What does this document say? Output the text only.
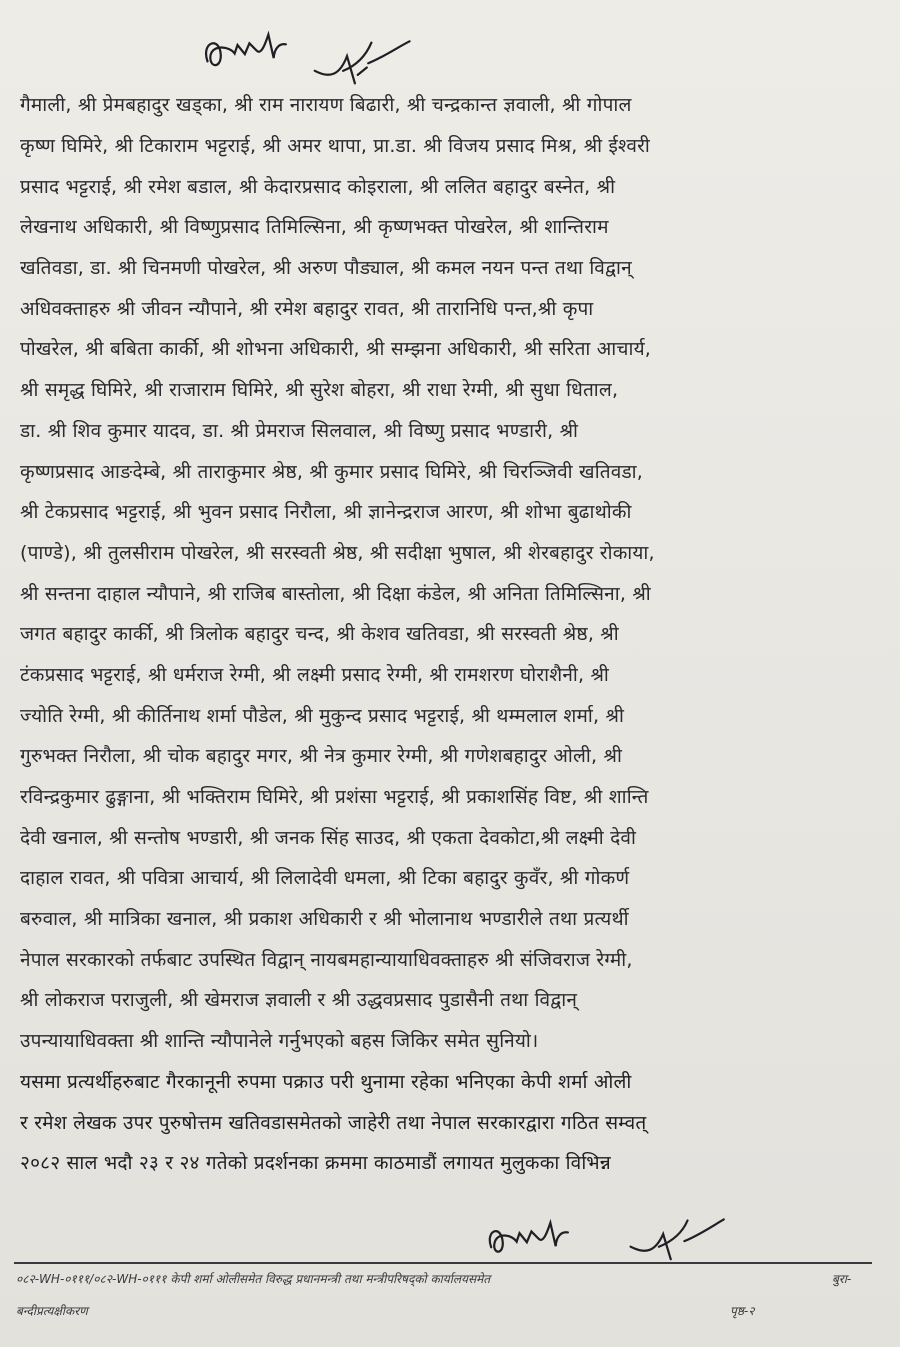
गैमाली, श्री प्रेमबहादुर खड्का, श्री राम नारायण बिढारी, श्री चन्द्रकान्त ज्ञवाली, श्री गोपाल
कृष्ण घिमिरे, श्री टिकाराम भट्टराई, श्री अमर थापा, प्रा.डा. श्री विजय प्रसाद मिश्र, श्री ईश्वरी
प्रसाद भट्टराई, श्री रमेश बडाल, श्री केदारप्रसाद कोइराला, श्री ललित बहादुर बस्नेत, श्री
लेखनाथ अधिकारी, श्री विष्णुप्रसाद तिमिल्सिना, श्री कृष्णभक्त पोखरेल, श्री शान्तिराम
खतिवडा, डा. श्री चिनमणी पोखरेल, श्री अरुण पौड्याल, श्री कमल नयन पन्त तथा विद्वान्
अधिवक्ताहरु श्री जीवन न्यौपाने, श्री रमेश बहादुर रावत, श्री तारानिधि पन्त,श्री कृपा
पोखरेल, श्री बबिता कार्की, श्री शोभना अधिकारी, श्री सम्झना अधिकारी, श्री सरिता आचार्य,
श्री समृद्ध घिमिरे, श्री राजाराम घिमिरे, श्री सुरेश बोहरा, श्री राधा रेग्मी, श्री सुधा धिताल,
डा. श्री शिव कुमार यादव, डा. श्री प्रेमराज सिलवाल, श्री विष्णु प्रसाद भण्डारी, श्री
कृष्णप्रसाद आङदेम्बे, श्री ताराकुमार श्रेष्ठ, श्री कुमार प्रसाद घिमिरे, श्री चिरञ्जिवी खतिवडा,
श्री टेकप्रसाद भट्टराई, श्री भुवन प्रसाद निरौला, श्री ज्ञानेन्द्रराज आरण, श्री शोभा बुढाथोकी
(पाण्डे), श्री तुलसीराम पोखरेल, श्री सरस्वती श्रेष्ठ, श्री सदीक्षा भुषाल, श्री शेरबहादुर रोकाया,
श्री सन्तना दाहाल न्यौपाने, श्री राजिब बास्तोला, श्री दिक्षा कंडेल, श्री अनिता तिमिल्सिना, श्री
जगत बहादुर कार्की, श्री त्रिलोक बहादुर चन्द, श्री केशव खतिवडा, श्री सरस्वती श्रेष्ठ, श्री
टंकप्रसाद भट्टराई, श्री धर्मराज रेग्मी, श्री लक्ष्मी प्रसाद रेग्मी, श्री रामशरण घोराशैनी, श्री
ज्योति रेग्मी, श्री कीर्तिनाथ शर्मा पौडेल, श्री मुकुन्द प्रसाद भट्टराई, श्री थम्मलाल शर्मा, श्री
गुरुभक्त निरौला, श्री चोक बहादुर मगर, श्री नेत्र कुमार रेग्मी, श्री गणेशबहादुर ओली, श्री
रविन्द्रकुमार ढुङ्गाना, श्री भक्तिराम घिमिरे, श्री प्रशंसा भट्टराई, श्री प्रकाशसिंह विष्ट, श्री शान्ति
देवी खनाल, श्री सन्तोष भण्डारी, श्री जनक सिंह साउद, श्री एकता देवकोटा,श्री लक्ष्मी देवी
दाहाल रावत, श्री पवित्रा आचार्य, श्री लिलादेवी धमला, श्री टिका बहादुर कुवँर, श्री गोकर्ण
बरुवाल, श्री मात्रिका खनाल, श्री प्रकाश अधिकारी र श्री भोलानाथ भण्डारीले तथा प्रत्यर्थी
नेपाल सरकारको तर्फबाट उपस्थित विद्वान् नायबमहान्यायाधिवक्ताहरु श्री संजिवराज रेग्मी,
श्री लोकराज पराजुली, श्री खेमराज ज्ञवाली र श्री उद्धवप्रसाद पुडासैनी तथा विद्वान्
उपन्यायाधिवक्ता श्री शान्ति न्यौपानेले गर्नुभएको बहस जिकिर समेत सुनियो।
यसमा प्रत्यर्थीहरुबाट गैरकानूनी रुपमा पक्राउ परी थुनामा रहेका भनिएका केपी शर्मा ओली
र रमेश लेखक उपर पुरुषोत्तम खतिवडासमेतको जाहेरी तथा नेपाल सरकारद्वारा गठित सम्वत्
२०८२ साल भदौ २३ र २४ गतेको प्रदर्शनका क्रममा काठमाडौं लगायत मुलुकका विभिन्न
०८२-WH-०१११/०८२-WH-०१११ केपी शर्मा ओलीसमेत विरुद्ध प्रधानमन्त्री तथा मन्त्रीपरिषद्को कार्यालयसमेत	बुरा-
बन्दीप्रत्यक्षीकरण	पृष्ठ-२
